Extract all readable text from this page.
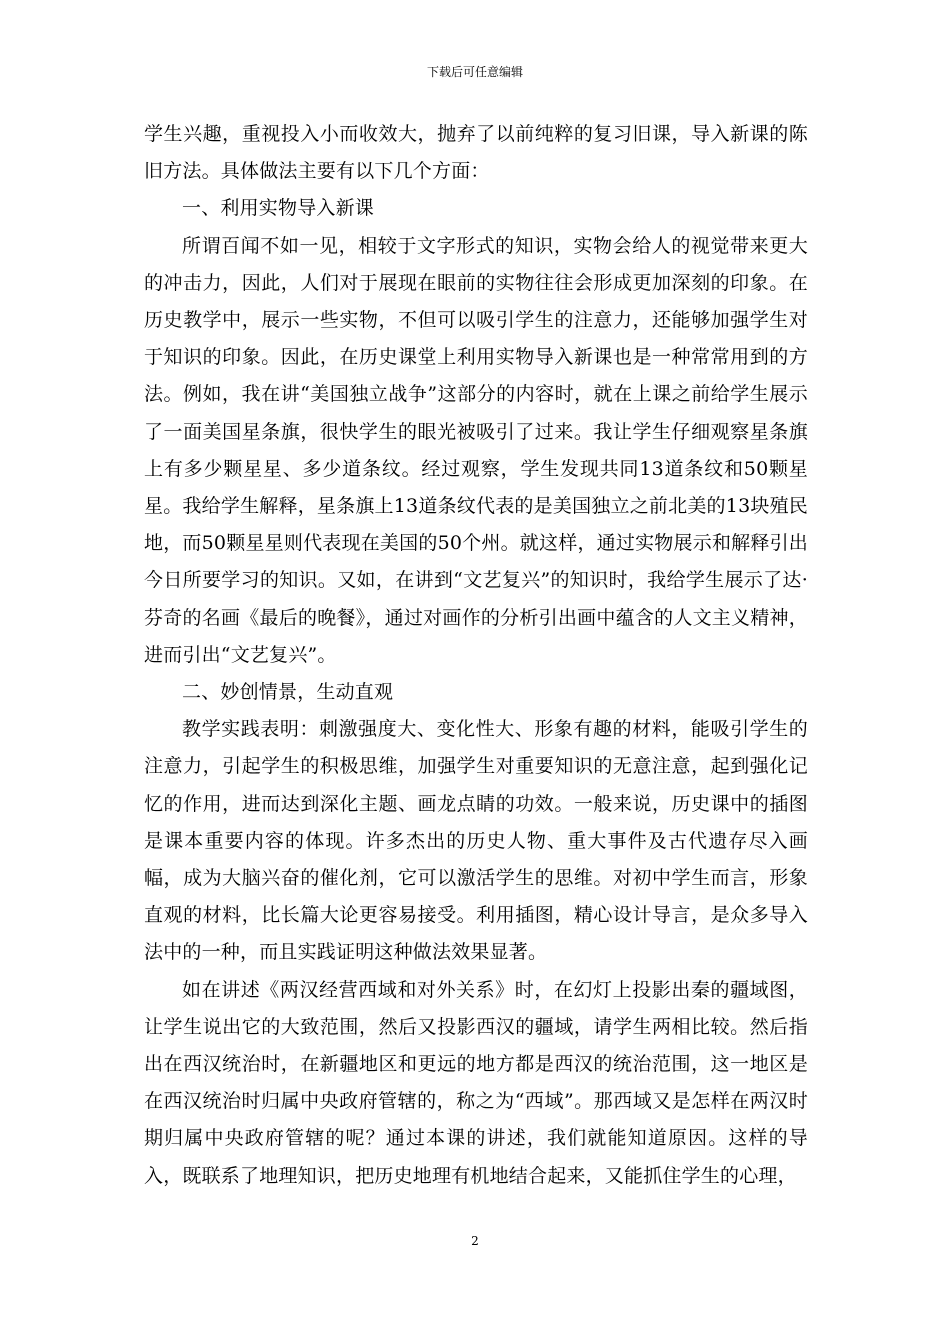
下载后可任意编辑

学生兴趣，重视投入小而收效大，抛弃了以前纯粹的复习旧课，导入新课的陈旧方法。具体做法主要有以下几个方面：

一、利用实物导入新课

所谓百闻不如一见，相较于文字形式的知识，实物会给人的视觉带来更大的冲击力，因此，人们对于展现在眼前的实物往往会形成更加深刻的印象。在历史教学中，展示一些实物，不但可以吸引学生的注意力，还能够加强学生对于知识的印象。因此，在历史课堂上利用实物导入新课也是一种常常用到的方法。例如，我在讲“美国独立战争”这部分的内容时，就在上课之前给学生展示了一面美国星条旗，很快学生的眼光被吸引了过来。我让学生仔细观察星条旗上有多少颗星星、多少道条纹。经过观察，学生发现共同13道条纹和50颗星星。我给学生解释，星条旗上13道条纹代表的是美国独立之前北美的13块殖民地，而50颗星星则代表现在美国的50个州。就这样，通过实物展示和解释引出今日所要学习的知识。又如，在讲到“文艺复兴”的知识时，我给学生展示了达·芬奇的名画《最后的晚餐》，通过对画作的分析引出画中蕴含的人文主义精神，进而引出“文艺复兴”。

二、妙创情景，生动直观

教学实践表明：刺激强度大、变化性大、形象有趣的材料，能吸引学生的注意力，引起学生的积极思维，加强学生对重要知识的无意注意，起到强化记忆的作用，进而达到深化主题、画龙点睛的功效。一般来说，历史课中的插图是课本重要内容的体现。许多杰出的历史人物、重大事件及古代遗存尽入画幅，成为大脑兴奋的催化剂，它可以激活学生的思维。对初中学生而言，形象直观的材料，比长篇大论更容易接受。利用插图，精心设计导言，是众多导入法中的一种，而且实践证明这种做法效果显著。

如在讲述《两汉经营西域和对外关系》时，在幻灯上投影出秦的疆域图，让学生说出它的大致范围，然后又投影西汉的疆域，请学生两相比较。然后指出在西汉统治时，在新疆地区和更远的地方都是西汉的统治范围，这一地区是在西汉统治时归属中央政府管辖的，称之为“西域”。那西域又是怎样在两汉时期归属中央政府管辖的呢？通过本课的讲述，我们就能知道原因。这样的导入，既联系了地理知识，把历史地理有机地结合起来，又能抓住学生的心理，

2
